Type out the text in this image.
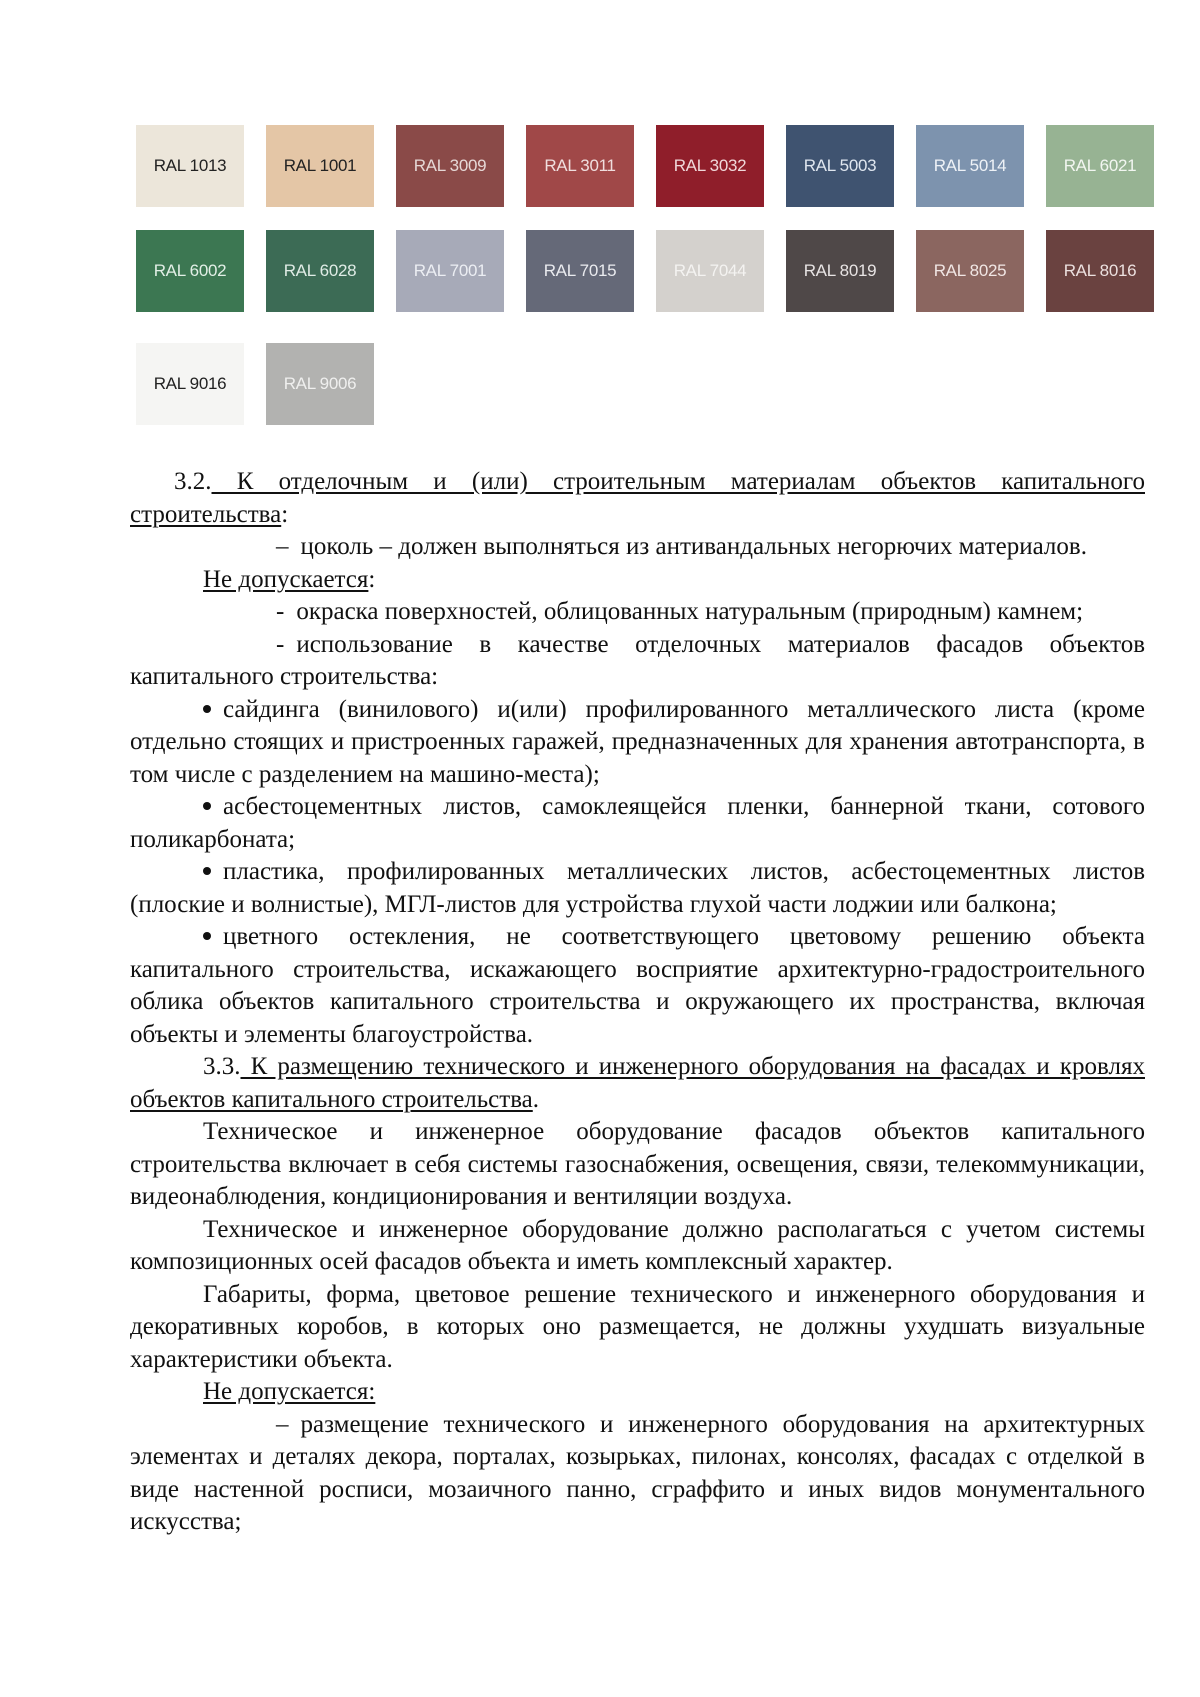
RAL 1013	RAL 1001	RAL 3009	RAL 3011	RAL 3032	RAL 5003	RAL 5014	RAL 6021
RAL 6002	RAL 6028	RAL 7001	RAL 7015	RAL 7044	RAL 8019	RAL 8025	RAL 8016
RAL 9016	RAL 9006

3.2. К отделочным и (или) строительным материалам объектов капитального строительства:

– цоколь – должен выполняться из антивандальных негорючих материалов.

Не допускается:

- окраска поверхностей, облицованных натуральным (природным) камнем;

- использование в качестве отделочных материалов фасадов объектов капитального строительства:

сайдинга (винилового) и(или) профилированного металлического листа (кроме отдельно стоящих и пристроенных гаражей, предназначенных для хранения автотранспорта, в том числе с разделением на машино-места);

асбестоцементных листов, самоклеящейся пленки, баннерной ткани, сотового поликарбоната;

пластика, профилированных металлических листов, асбестоцементных листов (плоские и волнистые), МГЛ-листов для устройства глухой части лоджии или балкона;

цветного остекления, не соответствующего цветовому решению объекта капитального строительства, искажающего восприятие архитектурно-градостроительного облика объектов капитального строительства и окружающего их пространства, включая объекты и элементы благоустройства.

3.3. К размещению технического и инженерного оборудования на фасадах и кровлях объектов капитального строительства.

Техническое и инженерное оборудование фасадов объектов капитального строительства включает в себя системы газоснабжения, освещения, связи, телекоммуникации, видеонаблюдения, кондиционирования и вентиляции воздуха.

Техническое и инженерное оборудование должно располагаться с учетом системы композиционных осей фасадов объекта и иметь комплексный характер.

Габариты, форма, цветовое решение технического и инженерного оборудования и декоративных коробов, в которых оно размещается, не должны ухудшать визуальные характеристики объекта.

Не допускается:

– размещение технического и инженерного оборудования на архитектурных элементах и деталях декора, порталах, козырьках, пилонах, консолях, фасадах с отделкой в виде настенной росписи, мозаичного панно, сграффито и иных видов монументального искусства;
